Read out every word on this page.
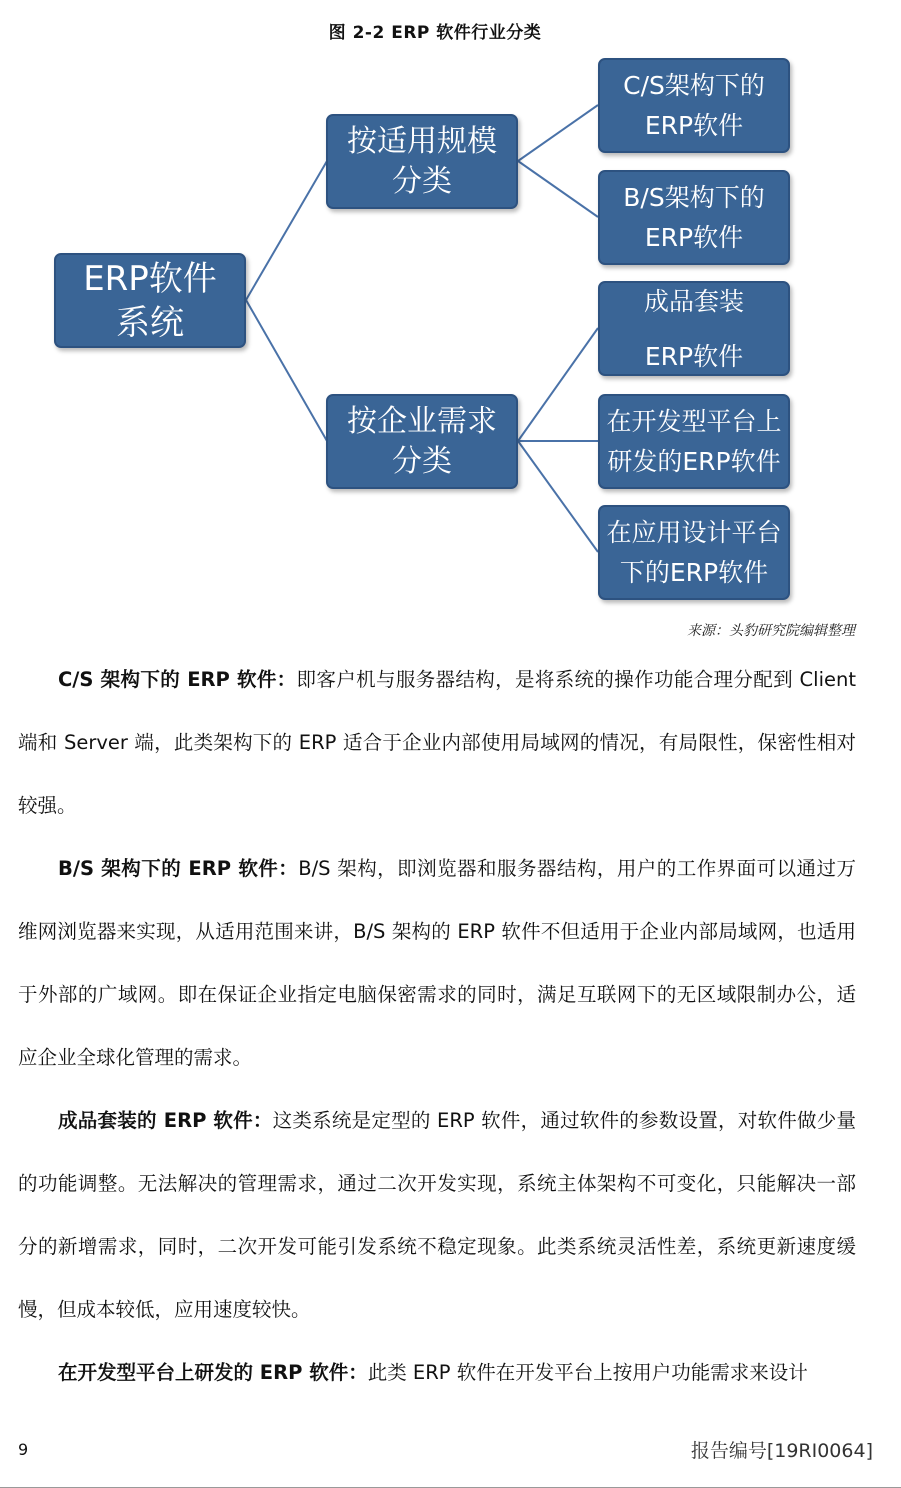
图 2-2 ERP 软件行业分类
ERP软件
系统
按适用规模
分类
按企业需求
分类
C/S架构下的
ERP软件
B/S架构下的
ERP软件
成品套装
ERP软件
在开发型平台上
研发的ERP软件
在应用设计平台
下的ERP软件
来源：头豹研究院编辑整理

C/S 架构下的 ERP 软件：即客户机与服务器结构，是将系统的操作功能合理分配到 Client 端和 Server 端，此类架构下的 ERP 适合于企业内部使用局域网的情况，有局限性，保密性相对较强。

B/S 架构下的 ERP 软件：B/S 架构，即浏览器和服务器结构，用户的工作界面可以通过万维网浏览器来实现，从适用范围来讲，B/S 架构的 ERP 软件不但适用于企业内部局域网，也适用于外部的广域网。即在保证企业指定电脑保密需求的同时，满足互联网下的无区域限制办公，适应企业全球化管理的需求。

成品套装的 ERP 软件：这类系统是定型的 ERP 软件，通过软件的参数设置，对软件做少量的功能调整。无法解决的管理需求，通过二次开发实现，系统主体架构不可变化，只能解决一部分的新增需求，同时，二次开发可能引发系统不稳定现象。此类系统灵活性差，系统更新速度缓慢，但成本较低，应用速度较快。

在开发型平台上研发的 ERP 软件：此类 ERP 软件在开发平台上按用户功能需求来设计

9	报告编号[19RI0064]
